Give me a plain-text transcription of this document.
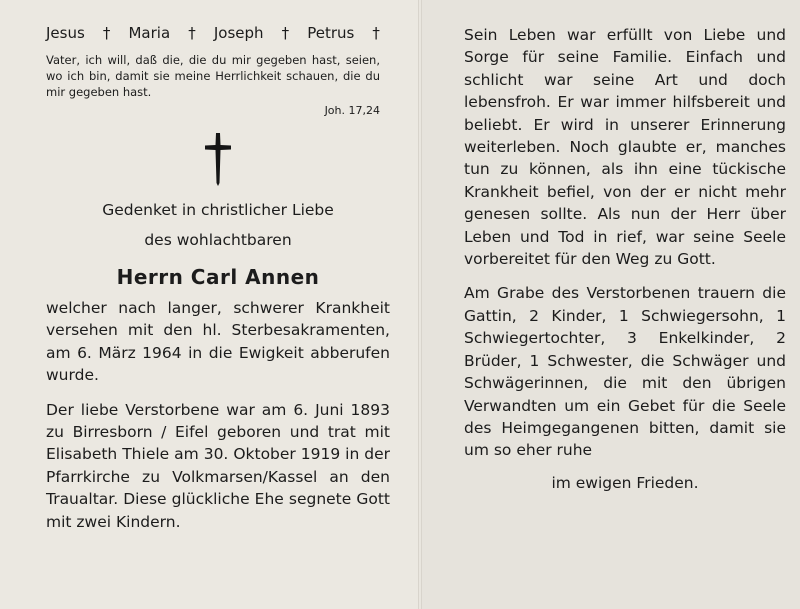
Jesus † Maria † Joseph † Petrus †
Vater, ich will, daß die, die du mir gegeben hast, seien, wo ich bin, damit sie meine Herrlichkeit schauen, die du mir gegeben hast.
Joh. 17,24
Gedenket in christlicher Liebe
des wohlachtbaren
Herrn Carl Annen

welcher nach langer, schwerer Krankheit versehen mit den hl. Sterbesakramenten, am 6. März 1964 in die Ewigkeit abberufen wurde.

Der liebe Verstorbene war am 6. Juni 1893 zu Birresborn / Eifel geboren und trat mit Elisabeth Thiele am 30. Oktober 1919 in der Pfarrkirche zu Volkmarsen/Kassel an den Traualtar. Diese glückliche Ehe segnete Gott mit zwei Kindern.

Sein Leben war erfüllt von Liebe und Sorge für seine Familie. Einfach und schlicht war seine Art und doch lebensfroh. Er war immer hilfsbereit und beliebt. Er wird in unserer Erinnerung weiterleben. Noch glaubte er, manches tun zu können, als ihn eine tückische Krankheit befiel, von der er nicht mehr genesen sollte. Als nun der Herr über Leben und Tod in rief, war seine Seele vorbereitet für den Weg zu Gott.

Am Grabe des Verstorbenen trauern die Gattin, 2 Kinder, 1 Schwiegersohn, 1 Schwiegertochter, 3 Enkelkinder, 2 Brüder, 1 Schwester, die Schwäger und Schwägerinnen, die mit den übrigen Verwandten um ein Gebet für die Seele des Heimgegangenen bitten, damit sie um so eher ruhe

im ewigen Frieden.
